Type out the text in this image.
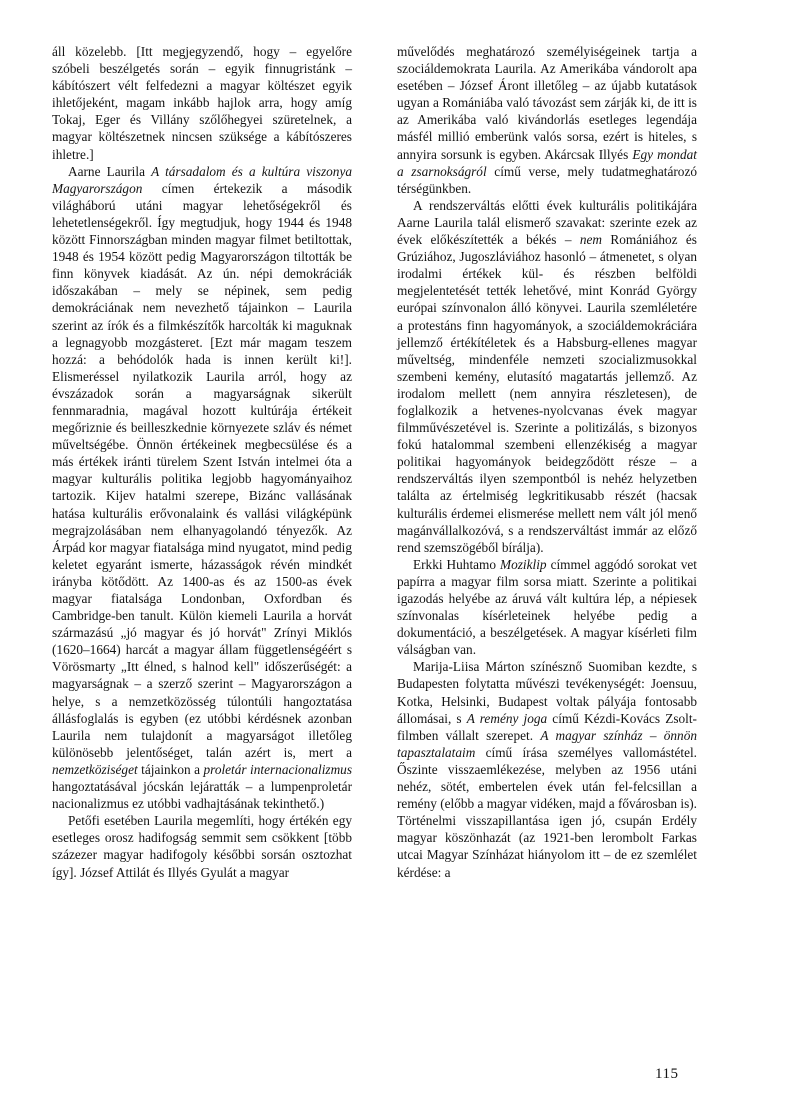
áll közelebb. [Itt megjegyzendő, hogy – egyelőre szóbeli beszélgetés során – egyik finnugristánk – kábítószert vélt felfedezni a magyar költészet egyik ihletőjeként, magam inkább hajlok arra, hogy amíg Tokaj, Eger és Villány szőlőhegyei szüretelnek, a magyar költészetnek nincsen szüksége a kábítószeres ihletre.]

Aarne Laurila A társadalom és a kultúra viszonya Magyarországon címen értekezik a második világháború utáni magyar lehetőségekről és lehetetlenségekről. Így megtudjuk, hogy 1944 és 1948 között Finnországban minden magyar filmet betiltottak, 1948 és 1954 között pedig Magyarországon tiltották be finn könyvek kiadását. Az ún. népi demokráciák időszakában – mely se népinek, sem pedig demokráciának nem nevezhető tájainkon – Laurila szerint az írók és a filmkészítők harcolták ki maguknak a legnagyobb mozgásteret. [Ezt már magam teszem hozzá: a behódolók hada is innen került ki!]. Elismeréssel nyilatkozik Laurila arról, hogy az évszázadok során a magyarságnak sikerült fennmaradnia, magával hozott kultúrája értékeit megőriznie és beilleszkednie környezete szláv és német műveltségébe. Önnön értékeinek megbecsülése és a más értékek iránti türelem Szent István intelmei óta a magyar kulturális politika legjobb hagyományaihoz tartozik. Kijev hatalmi szerepe, Bizánc vallásának hatása kulturális erővonalaink és vallási világképünk megrajzolásában nem elhanyagolandó tényezők. Az Árpád kor magyar fiatalsága mind nyugatot, mind pedig keletet egyaránt ismerte, házasságok révén mindkét irányba kötődött. Az 1400-as és az 1500-as évek magyar fiatalsága Londonban, Oxfordban és Cambridge-ben tanult. Külön kiemeli Laurila a horvát származású „jó magyar és jó horvát" Zrínyi Miklós (1620–1664) harcát a magyar állam függetlenségéért s Vörösmarty „Itt élned, s halnod kell" időszerűségét: a magyarságnak – a szerző szerint – Magyarországon a helye, s a nemzetközösség túlontúli hangoztatása állásfoglalás is egyben (ez utóbbi kérdésnek azonban Laurila nem tulajdonít a magyarságot illetőleg különösebb jelentőséget, talán azért is, mert a nemzetköziséget tájainkon a proletár internacionalizmus hangoztatásával jócskán lejáratták – a lumpenproletár nacionalizmus ez utóbbi vadhajtásának tekinthető.)

Petőfi esetében Laurila megemlíti, hogy értékén egy esetleges orosz hadifogság semmit sem csökkent [több százezer magyar hadifogoly későbbi sorsán osztozhat így]. József Attilát és Illyés Gyulát a magyar

művelődés meghatározó személyiségeinek tartja a szociáldemokrata Laurila. Az Amerikába vándorolt apa esetében – József Áront illetőleg – az újabb kutatások ugyan a Romániába való távozást sem zárják ki, de itt is az Amerikába való kivándorlás esetleges legendája másfél millió emberünk valós sorsa, ezért is hiteles, s annyira sorsunk is egyben. Akárcsak Illyés Egy mondat a zsarnokságról című verse, mely tudatmeghatározó térségünkben.

A rendszerváltás előtti évek kulturális politikájára Aarne Laurila talál elismerő szavakat: szerinte ezek az évek előkészítették a békés – nem Romániához és Grúziához, Jugoszláviához hasonló – átmenetet, s olyan irodalmi értékek kül- és részben belföldi megjelentetését tették lehetővé, mint Konrád György európai színvonalon álló könyvei. Laurila szemléletére a protestáns finn hagyományok, a szociáldemokráciára jellemző értékítéletek és a Habsburg-ellenes magyar műveltség, mindenféle nemzeti szocializmusokkal szembeni kemény, elutasító magatartás jellemző. Az irodalom mellett (nem annyira részletesen), de foglalkozik a hetvenes-nyolcvanas évek magyar filmművészetével is. Szerinte a politizálás, s bizonyos fokú hatalommal szembeni ellenzékiség a magyar politikai hagyományok beidegződött része – a rendszerváltás ilyen szempontból is nehéz helyzetben találta az értelmiség legkritikusabb részét (hacsak kulturális érdemei elismerése mellett nem vált jól menő magánvállalkozóvá, s a rendszerváltást immár az előző rend szemszögéből bírálja).

Erkki Huhtamo Moziklip címmel aggódó sorokat vet papírra a magyar film sorsa miatt. Szerinte a politikai igazodás helyébe az áruvá vált kultúra lép, a népiesek színvonalas kísérleteinek helyébe pedig a dokumentáció, a beszélgetések. A magyar kísérleti film válságban van.

Marija-Liisa Márton színésznő Suomiban kezdte, s Budapesten folytatta művészi tevékenységét: Joensuu, Kotka, Helsinki, Budapest voltak pályája fontosabb állomásai, s A remény joga című Kézdi-Kovács Zsolt-filmben vállalt szerepet. A magyar színház – önnön tapasztalataim című írása személyes vallomástétel. Őszinte visszaemlékezése, melyben az 1956 utáni nehéz, sötét, embertelen évek után fel-felcsillan a remény (előbb a magyar vidéken, majd a fővárosban is). Történelmi visszapillantása igen jó, csupán Erdély magyar köszönhazát (az 1921-ben lerombolt Farkas utcai Magyar Színházat hiányolom itt – de ez szemlélet kérdése: a

115
